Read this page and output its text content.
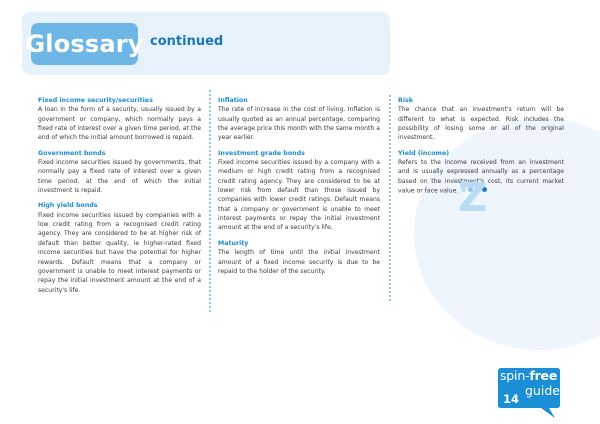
Glossary continued
Fixed income security/securities

A loan in the form of a security, usually issued by a government or company, which normally pays a fixed rate of interest over a given time period, at the end of which the initial amount borrowed is repaid.

Government bonds

Fixed income securities issued by governments, that normally pay a fixed rate of interest over a given time period, at the end of which the initial investment is repaid.

High yield bonds

Fixed income securities issued by companies with a low credit rating from a recognised credit rating agency. They are considered to be at higher risk of default than better quality, ie higher-rated fixed income securities but have the potential for higher rewards. Default means that a company or government is unable to meet interest payments or repay the initial investment amount at the end of a security's life.

Inflation

The rate of increase in the cost of living. Inflation is usually quoted as an annual percentage, comparing the average price this month with the same month a year earlier.

Investment grade bonds

Fixed income securities issued by a company with a medium or high credit rating from a recognised credit rating agency. They are considered to be at lower risk from default than those issued by companies with lower credit ratings. Default means that a company or government is unable to meet interest payments or repay the initial investment amount at the end of a security's life.

Maturity

The length of time until the initial investment amount of a fixed income security is due to be repaid to the holder of the security.

Risk

The chance that an investment's return will be different to what is expected. Risk includes the possibility of losing some or all of the original investment.

Yield (income)

Refers to the income received from an investment and is usually expressed annually as a percentage based on the investment's cost, its current market value or face value. Z
spin-free
guide
14
